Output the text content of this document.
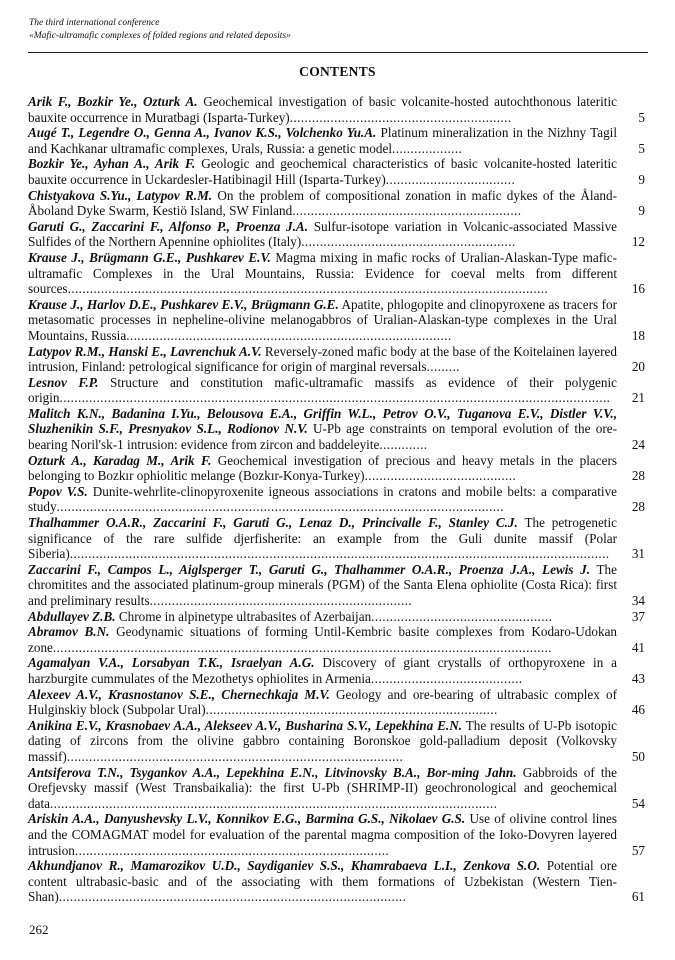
The third international conference
«Mafic-ultramafic complexes of folded regions and related deposits»
CONTENTS
Arik F., Bozkir Ye., Ozturk A. Geochemical investigation of basic volcanite-hosted autochthonous lateritic bauxite occurrence in Muratbagi (Isparta-Turkey)............................................................	5
Augé T., Legendre O., Genna A., Ivanov K.S., Volchenko Yu.A. Platinum mineralization in the Nizhny Tagil and Kachkanar ultramafic complexes, Urals, Russia: a genetic model...................	5
Bozkir Ye., Ayhan A., Arik F. Geologic and geochemical characteristics of basic volcanite-hosted lateritic bauxite occurrence in Uckardesler-Hatibinagil Hill (Isparta-Turkey)...................................	9
Chistyakova S.Yu., Latypov R.M. On the problem of compositional zonation in mafic dykes of the Åland-Åboland Dyke Swarm, Kestiö Island, SW Finland..............................................................	9
Garuti G., Zaccarini F., Alfonso P., Proenza J.A. Sulfur-isotope variation in Volcanic-associated Massive Sulfides of the Northern Apennine ophiolites (Italy)..........................................................	12
Krause J., Brügmann G.E., Pushkarev E.V. Magma mixing in mafic rocks of Uralian-Alaskan-Type mafic-ultramafic Complexes in the Ural Mountains, Russia: Evidence for coeval melts from different sources..................................................................................................................................	16
Krause J., Harlov D.E., Pushkarev E.V., Brügmann G.E. Apatite, phlogopite and clinopyroxene as tracers for metasomatic processes in nepheline-olivine melanogabbros of Uralian-Alaskan-type complexes in the Ural Mountains, Russia........................................................................................	18
Latypov R.M., Hanski E., Lavrenchuk A.V. Reversely-zoned mafic body at the base of the Koitelainen layered intrusion, Finland: petrological significance for origin of marginal reversals.........	20
Lesnov F.P. Structure and constitution mafic-ultramafic massifs as evidence of their polygenic origin.....................................................................................................................................................	21
Malitch K.N., Badanina I.Yu., Belousova E.A., Griffin W.L., Petrov O.V., Tuganova E.V., Distler V.V., Sluzhenikin S.F., Presnyakov S.L., Rodionov N.V. U-Pb age constraints on temporal evolution of the ore-bearing Noril'sk-1 intrusion: evidence from zircon and baddeleyite.............	24
Ozturk A., Karadag M., Arik F. Geochemical investigation of precious and heavy metals in the placers belonging to Bozkır ophiolitic melange (Bozkır-Konya-Turkey).........................................	28
Popov V.S. Dunite-wehrlite-clinopyroxenite igneous associations in cratons and mobile belts: a comparative study.........................................................................................................................	28
Thalhammer O.A.R., Zaccarini F., Garuti G., Lenaz D., Princivalle F., Stanley C.J. The petrogenetic significance of the rare sulfide djerfisherite: an example from the Guli dunite massif (Polar Siberia)..................................................................................................................................................	31
Zaccarini F., Campos L., Aiglsperger T., Garuti G., Thalhammer O.A.R., Proenza J.A., Lewis J. The chromitites and the associated platinum-group minerals (PGM) of the Santa Elena ophiolite (Costa Rica): first and preliminary results.......................................................................	34
Abdullayev Z.B. Chrome in alpinetype ultrabasites of Azerbaijan.................................................	37
Abramov B.N. Geodynamic situations of forming Until-Kembric basite complexes from Kodaro-Udokan zone.......................................................................................................................................	41
Agamalyan V.A., Lorsabyan T.K., Israelyan A.G. Discovery of giant crystalls of orthopyroxene in a harzburgite cummulates of the Mezothetys ophiolites in Armenia.........................................	43
Alexeev A.V., Krasnostanov S.E., Chernechkaja M.V. Geology and ore-bearing of ultrabasic complex of Hulginskiy block (Subpolar Ural)...............................................................................	46
Anikina E.V., Krasnobaev A.A., Alekseev A.V., Busharina S.V., Lepekhina E.N. The results of U-Pb isotopic dating of zircons from the olivine gabbro containing Boronskoe gold-palladium deposit (Volkovsky massif)...........................................................................................	50
Antsiferova T.N., Tsygankov A.A., Lepekhina E.N., Litvinovsky B.A., Bor-ming Jahn. Gabbroids of the Orefjevsky massif (West Transbaikalia): the first U-Pb (SHRIMP-II) geochronological and geochemical data.........................................................................................................................	54
Ariskin A.A., Danyushevsky L.V., Konnikov E.G., Barmina G.S., Nikolaev G.S. Use of olivine control lines and the COMAGMAT model for evaluation of the parental magma composition of the Ioko-Dovyren layered intrusion.....................................................................................	57
Akhundjanov R., Mamarozikov U.D., Saydiganiev S.S., Khamrabaeva L.I., Zenkova S.O. Potential ore content ultrabasic-basic and of the associating with them formations of Uzbekistan (Western Tien-Shan)..............................................................................................	61
262
